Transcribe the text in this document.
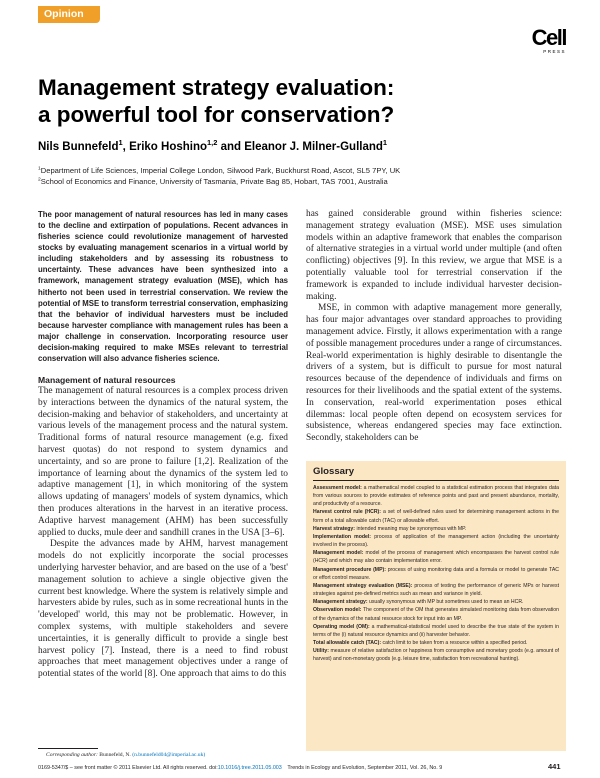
Opinion
Cell
PRESS
Management strategy evaluation:
a powerful tool for conservation?
Nils Bunnefeld$^1$, Eriko Hoshino$^{1,2}$ and Eleanor J. Milner-Gulland$^1$
$^1$Department of Life Sciences, Imperial College London, Silwood Park, Buckhurst Road, Ascot, SL5 7PY, UK
$^2$School of Economics and Finance, University of Tasmania, Private Bag 85, Hobart, TAS 7001, Australia

The poor management of natural resources has led in many cases to the decline and extirpation of populations. Recent advances in fisheries science could revolutionize management of harvested stocks by evaluating management scenarios in a virtual world by including stakeholders and by assessing its robustness to uncertainty. These advances have been synthesized into a framework, management strategy evaluation (MSE), which has hitherto not been used in terrestrial conservation. We review the potential of MSE to transform terrestrial conservation, emphasizing that the behavior of individual harvesters must be included because harvester compliance with management rules has been a major challenge in conservation. Incorporating resource user decision-making required to make MSEs relevant to terrestrial conservation will also advance fisheries science.

Management of natural resources

The management of natural resources is a complex process driven by interactions between the dynamics of the natural system, the decision-making and behavior of stakeholders, and uncertainty at various levels of the management process and the natural system. Traditional forms of natural resource management (e.g. fixed harvest quotas) do not respond to system dynamics and uncertainty, and so are prone to failure [1,2]. Realization of the importance of learning about the dynamics of the system led to adaptive management [1], in which monitoring of the system allows updating of managers' models of system dynamics, which then produces alterations in the harvest in an iterative process. Adaptive harvest management (AHM) has been successfully applied to ducks, mule deer and sandhill cranes in the USA [3–6].

Despite the advances made by AHM, harvest management models do not explicitly incorporate the social processes underlying harvester behavior, and are based on the use of a 'best' management solution to achieve a single objective given the current best knowledge. Where the system is relatively simple and harvesters abide by rules, such as in some recreational hunts in the 'developed' world, this may not be problematic. However, in complex systems, with multiple stakeholders and severe uncertainties, it is generally difficult to provide a single best harvest policy [7]. Instead, there is a need to find robust approaches that meet management objectives under a range of potential states of the world [8]. One approach that aims to do this

has gained considerable ground within fisheries science: management strategy evaluation (MSE). MSE uses simulation models within an adaptive framework that enables the comparison of alternative strategies in a virtual world under multiple (and often conflicting) objectives [9]. In this review, we argue that MSE is a potentially valuable tool for terrestrial conservation if the framework is expanded to include individual harvester decision-making.

MSE, in common with adaptive management more generally, has four major advantages over standard approaches to providing management advice. Firstly, it allows experimentation with a range of possible management procedures under a range of circumstances. Real-world experimentation is highly desirable to disentangle the drivers of a system, but is difficult to pursue for most natural resources because of the dependence of individuals and firms on resources for their livelihoods and the spatial extent of the systems. In conservation, real-world experimentation poses ethical dilemmas: local people often depend on ecosystem services for subsistence, whereas endangered species may face extinction. Secondly, stakeholders can be

Glossary
Assessment model: a mathematical model coupled to a statistical estimation process that integrates data from various sources to provide estimates of reference points and past and present abundance, mortality, and productivity of a resource.
Harvest control rule (HCR): a set of well-defined rules used for determining management actions in the form of a total allowable catch (TAC) or allowable effort.
Harvest strategy: intended meaning may be synonymous with MP.
Implementation model: process of application of the management action (including the uncertainty involved in the process).
Management model: model of the process of management which encompasses the harvest control rule (HCR) and which may also contain implementation error.
Management procedure (MP): process of using monitoring data and a formula or model to generate TAC or effort control measure.
Management strategy evaluation (MSE): process of testing the performance of generic MPs or harvest strategies against pre-defined metrics such as mean and variance in yield.
Management strategy: usually synonymous with MP but sometimes used to mean an HCR.
Observation model: The component of the OM that generates simulated monitoring data from observation of the dynamics of the natural resource stock for input into an MP.
Operating model (OM): a mathematical-statistical model used to describe the true state of the system in terms of the (i) natural resource dynamics and (ii) harvester behavior.
Total allowable catch (TAC): catch limit to be taken from a resource within a specified period.
Utility: measure of relative satisfaction or happiness from consumptive and monetary goods (e.g. amount of harvest) and non-monetary goods (e.g. leisure time, satisfaction from recreational hunting).
Corresponding author: Bunnefeld, N. (n.bunnefeld04@imperial.ac.uk)
0169-5347/$ – see front matter © 2011 Elsevier Ltd. All rights reserved. doi:10.1016/j.tree.2011.05.003 Trends in Ecology and Evolution, September 2011, Vol. 26, No. 9	441
